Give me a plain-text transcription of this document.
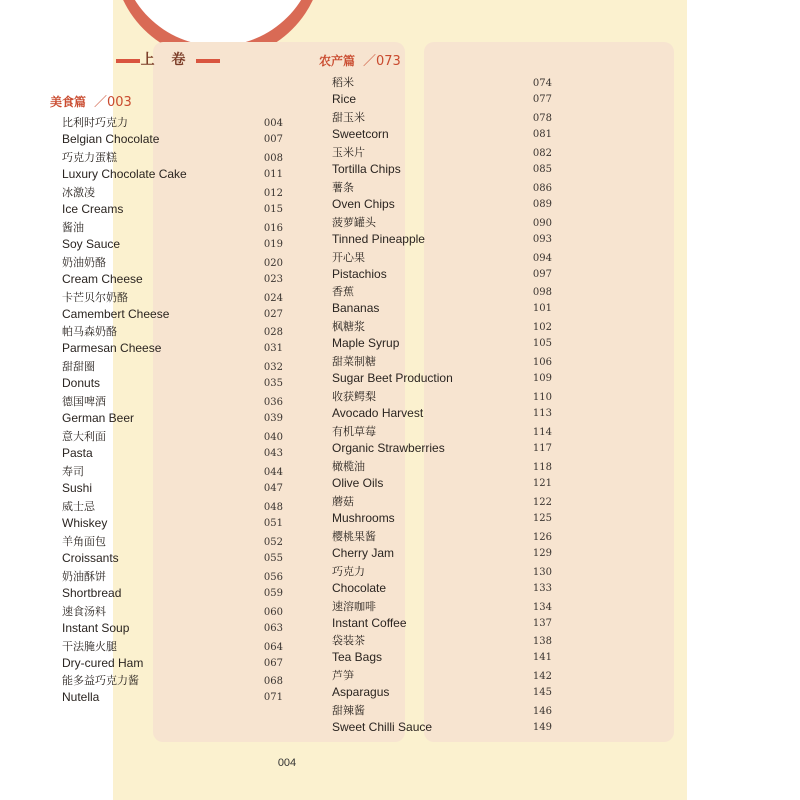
上 卷
美食篇 ／003
农产篇 ／073
比利时巧克力
Belgian Chocolate
004
007
巧克力蛋糕
Luxury Chocolate Cake
008
011
冰激凌
Ice Creams
012
015
酱油
Soy Sauce
016
019
奶油奶酪
Cream Cheese
020
023
卡芒贝尔奶酪
Camembert Cheese
024
027
帕马森奶酪
Parmesan Cheese
028
031
甜甜圈
Donuts
032
035
德国啤酒
German Beer
036
039
意大利面
Pasta
040
043
寿司
Sushi
044
047
威士忌
Whiskey
048
051
羊角面包
Croissants
052
055
奶油酥饼
Shortbread
056
059
速食汤料
Instant Soup
060
063
干法腌火腿
Dry-cured Ham
064
067
能多益巧克力酱
Nutella
068
071
稻米
Rice
074
077
甜玉米
Sweetcorn
078
081
玉米片
Tortilla Chips
082
085
薯条
Oven Chips
086
089
菠萝罐头
Tinned Pineapple
090
093
开心果
Pistachios
094
097
香蕉
Bananas
098
101
枫糖浆
Maple Syrup
102
105
甜菜制糖
Sugar Beet Production
106
109
收获鳄梨
Avocado Harvest
110
113
有机草莓
Organic Strawberries
114
117
橄榄油
Olive Oils
118
121
蘑菇
Mushrooms
122
125
樱桃果酱
Cherry Jam
126
129
巧克力
Chocolate
130
133
速溶咖啡
Instant Coffee
134
137
袋装茶
Tea Bags
138
141
芦笋
Asparagus
142
145
甜辣酱
Sweet Chilli Sauce
146
149
004
